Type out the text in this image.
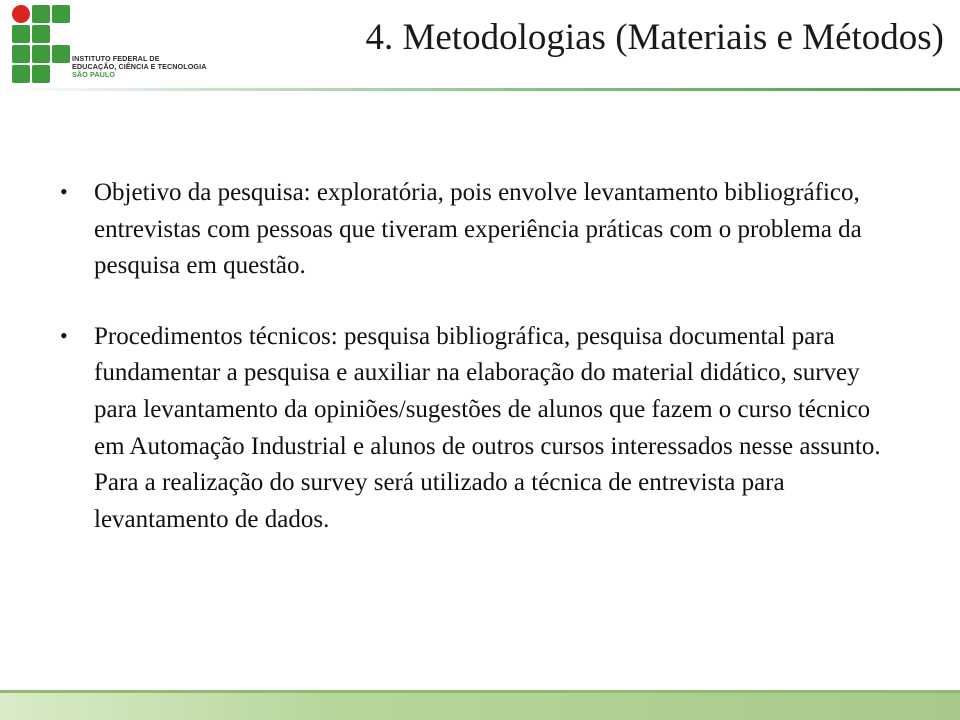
INSTITUTO FEDERAL DE
EDUCAÇÃO, CIÊNCIA E TECNOLOGIA
SÃO PAULO
4. Metodologias (Materiais e Métodos)
• Objetivo da pesquisa: exploratória, pois envolve levantamento bibliográfico, entrevistas com pessoas que tiveram experiência práticas com o problema da pesquisa em questão.
• Procedimentos técnicos: pesquisa bibliográfica, pesquisa documental para fundamentar a pesquisa e auxiliar na elaboração do material didático, survey para levantamento da opiniões/sugestões de alunos que fazem o curso técnico em Automação Industrial e alunos de outros cursos interessados nesse assunto. Para a realização do survey será utilizado a técnica de entrevista para levantamento de dados.
